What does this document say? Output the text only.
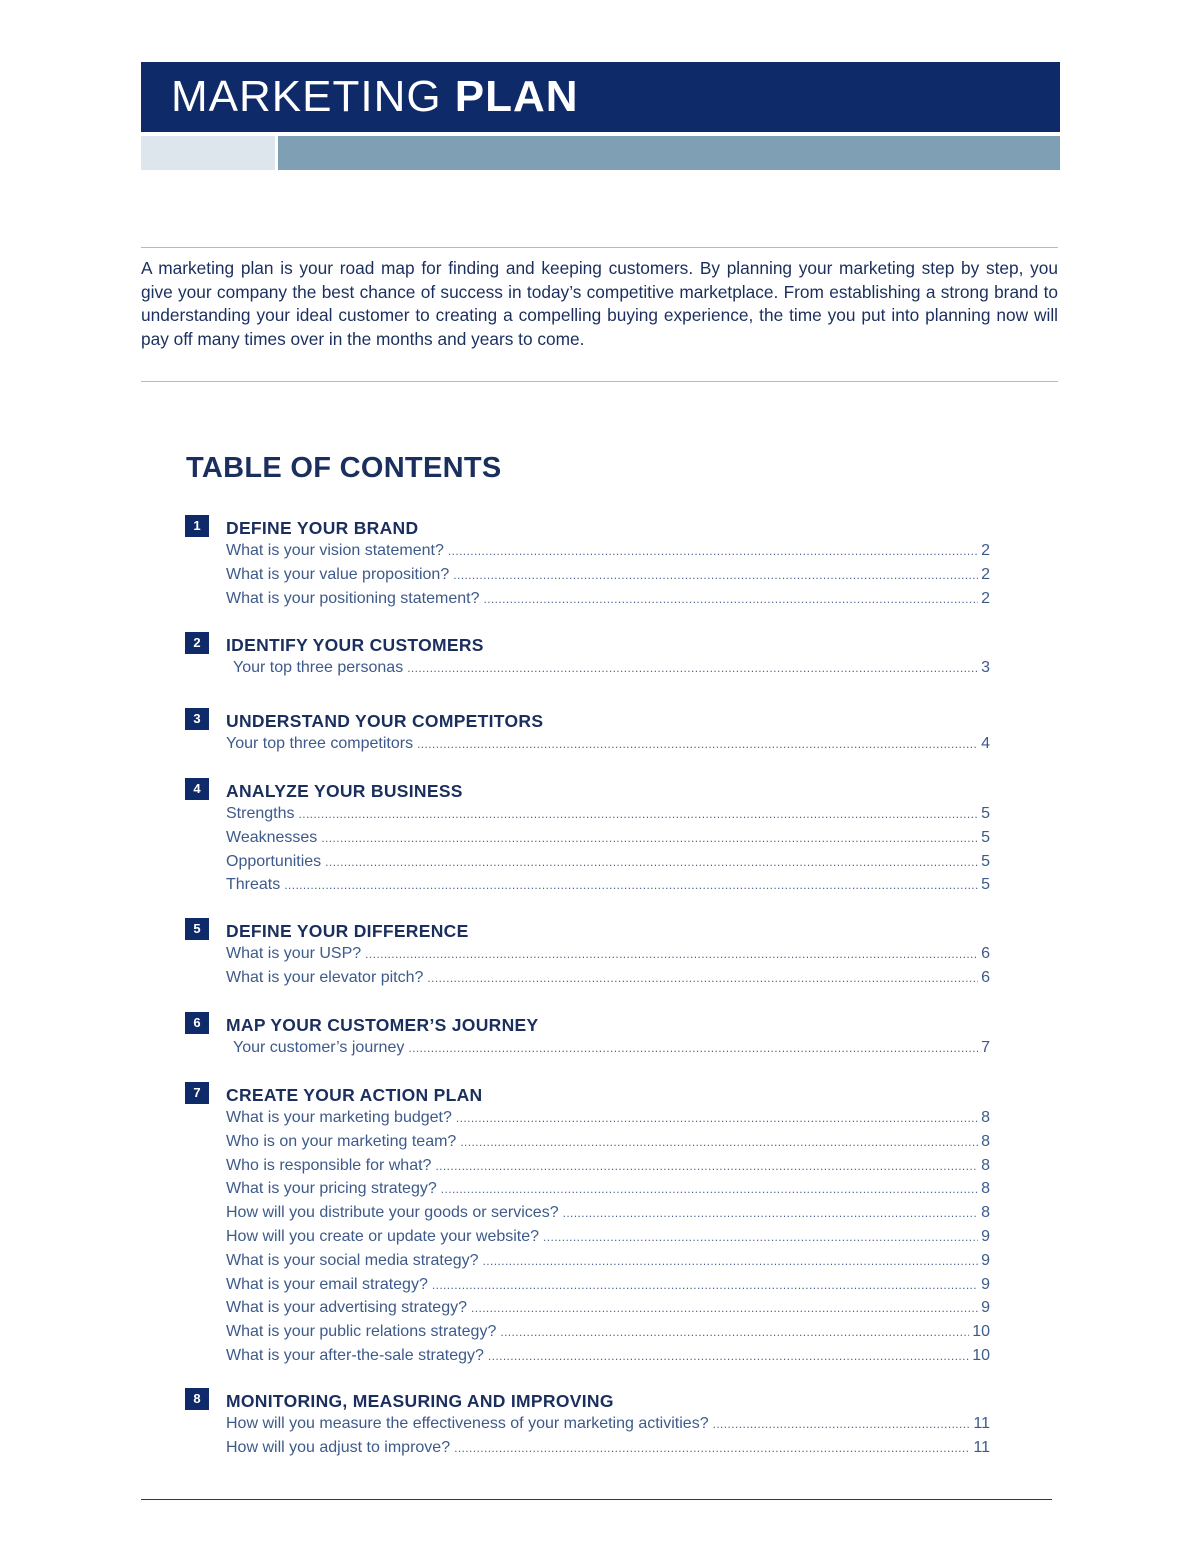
MARKETING PLAN

A marketing plan is your road map for finding and keeping customers. By planning your marketing step by step, you give your company the best chance of success in today’s competitive marketplace. From establishing a strong brand to understanding your ideal customer to creating a compelling buying experience, the time you put into planning now will pay off many times over in the months and years to come.

TABLE OF CONTENTS
1	DEFINE YOUR BRAND
What is your vision statement? .....	2
What is your value proposition? .....	2
What is your positioning statement? .....	2
2	IDENTIFY YOUR CUSTOMERS
Your top three personas .....	3
3	UNDERSTAND YOUR COMPETITORS
Your top three competitors .....	4
4	ANALYZE YOUR BUSINESS
Strengths .....	5
Weaknesses .....	5
Opportunities .....	5
Threats .....	5
5	DEFINE YOUR DIFFERENCE
What is your USP? .....	6
What is your elevator pitch? .....	6
6	MAP YOUR CUSTOMER’S JOURNEY
Your customer’s journey .....	7
7	CREATE YOUR ACTION PLAN
What is your marketing budget? .....	8
Who is on your marketing team? .....	8
Who is responsible for what? .....	8
What is your pricing strategy? .....	8
How will you distribute your goods or services? .....	8
How will you create or update your website? .....	9
What is your social media strategy? .....	9
What is your email strategy? .....	9
What is your advertising strategy? .....	9
What is your public relations strategy? .....	10
What is your after-the-sale strategy? .....	10
8	MONITORING, MEASURING AND IMPROVING
How will you measure the effectiveness of your marketing activities? .....	11
How will you adjust to improve? .....	11
